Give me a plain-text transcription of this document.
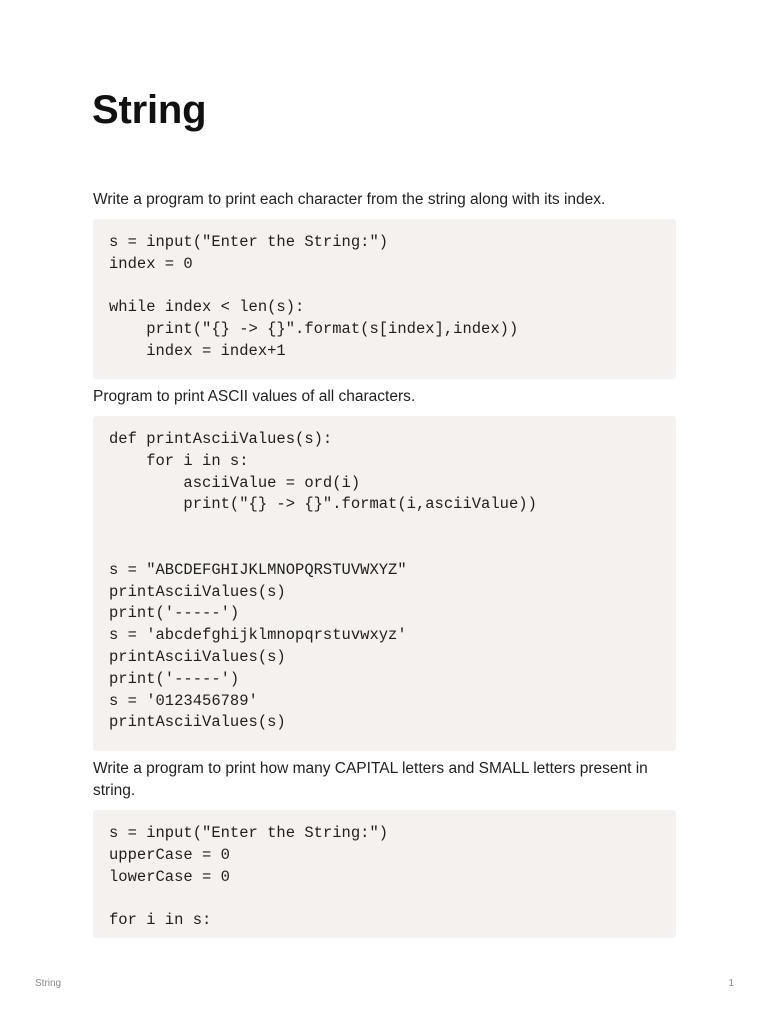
String

Write a program to print each character from the string along with its index.

s = input("Enter the String:")
index = 0
while index < len(s):
print("{} -> {}".format(s[index],index))
index = index+1

Program to print ASCII values of all characters.

def printAsciiValues(s):
for i in s:
asciiValue = ord(i)
print("{} -> {}".format(i,asciiValue))
s = "ABCDEFGHIJKLMNOPQRSTUVWXYZ"
printAsciiValues(s)
print('-----')
s = 'abcdefghijklmnopqrstuvwxyz'
printAsciiValues(s)
print('-----')
s = '0123456789'
printAsciiValues(s)

Write a program to print how many CAPITAL letters and SMALL letters present in string.

s = input("Enter the String:")
upperCase = 0
lowerCase = 0
for i in s:
String	1
